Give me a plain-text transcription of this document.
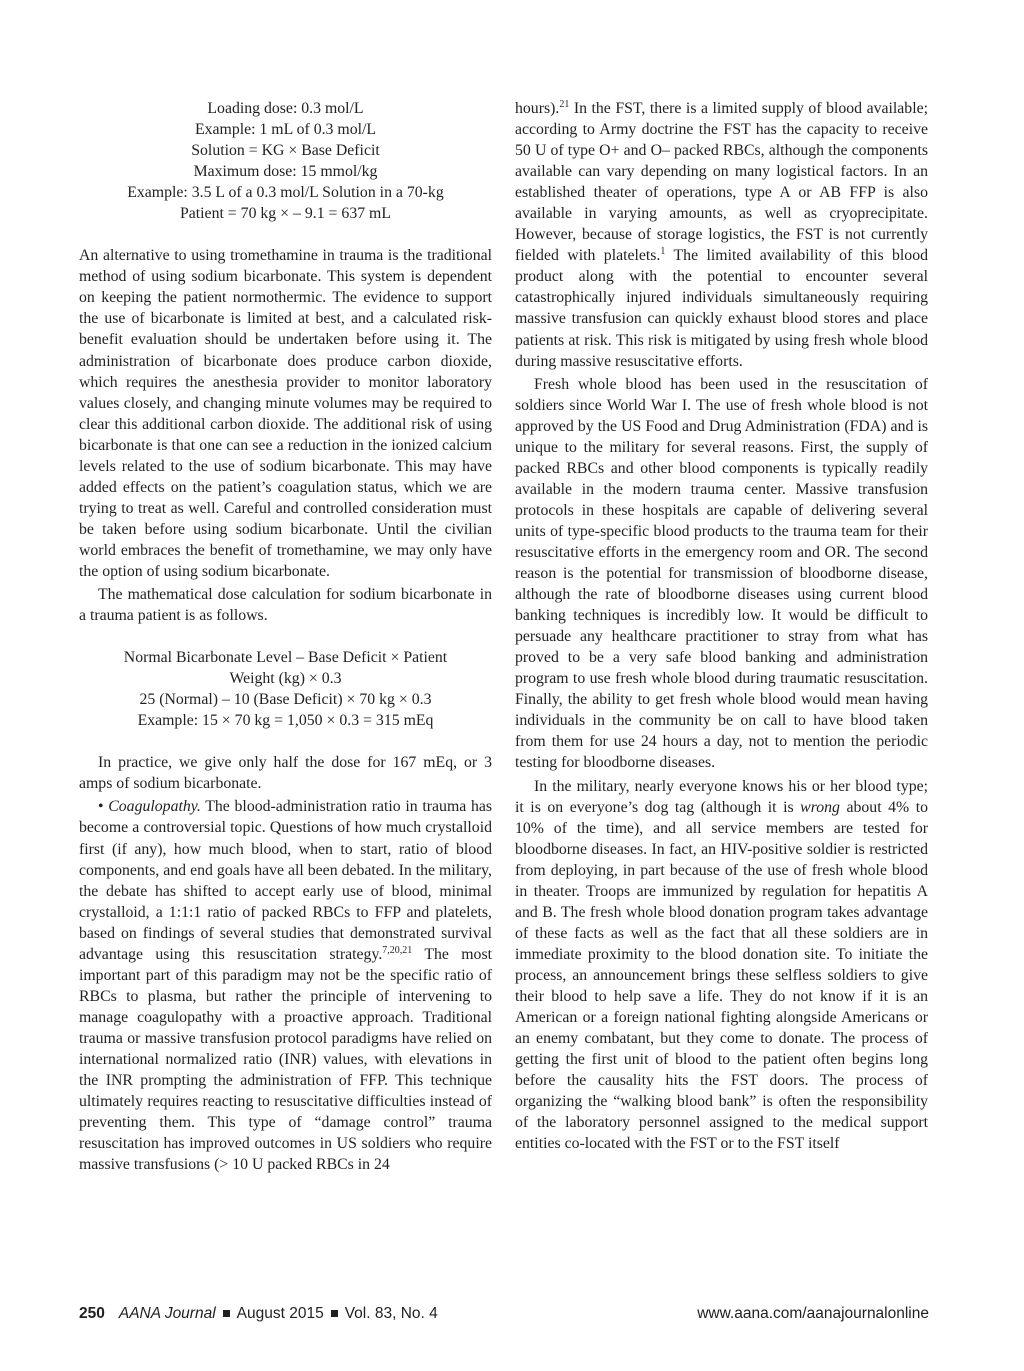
Loading dose: 0.3 mol/L
Example: 1 mL of 0.3 mol/L
Solution = KG × Base Deficit
Maximum dose: 15 mmol/kg
Example: 3.5 L of a 0.3 mol/L Solution in a 70-kg
Patient = 70 kg × – 9.1 = 637 mL

An alternative to using tromethamine in trauma is the traditional method of using sodium bicarbonate. This system is dependent on keeping the patient normothermic. The evidence to support the use of bicarbonate is limited at best, and a calculated risk-benefit evaluation should be undertaken before using it. The administration of bicarbonate does produce carbon dioxide, which requires the anesthesia provider to monitor laboratory values closely, and changing minute volumes may be required to clear this additional carbon dioxide. The additional risk of using bicarbonate is that one can see a reduction in the ionized calcium levels related to the use of sodium bicarbonate. This may have added effects on the patient’s coagulation status, which we are trying to treat as well. Careful and controlled consideration must be taken before using sodium bicarbonate. Until the civilian world embraces the benefit of tromethamine, we may only have the option of using sodium bicarbonate.

The mathematical dose calculation for sodium bicarbonate in a trauma patient is as follows.

Normal Bicarbonate Level – Base Deficit × Patient
Weight (kg) × 0.3
25 (Normal) – 10 (Base Deficit) × 70 kg × 0.3
Example: 15 × 70 kg = 1,050 × 0.3 = 315 mEq

In practice, we give only half the dose for 167 mEq, or 3 amps of sodium bicarbonate.

• Coagulopathy. The blood-administration ratio in trauma has become a controversial topic. Questions of how much crystalloid first (if any), how much blood, when to start, ratio of blood components, and end goals have all been debated. In the military, the debate has shifted to accept early use of blood, minimal crystalloid, a 1:1:1 ratio of packed RBCs to FFP and platelets, based on findings of several studies that demonstrated survival advantage using this resuscitation strategy.$^{7,20,21}$ The most important part of this paradigm may not be the specific ratio of RBCs to plasma, but rather the principle of intervening to manage coagulopathy with a proactive approach. Traditional trauma or massive transfusion protocol paradigms have relied on international normalized ratio (INR) values, with elevations in the INR prompting the administration of FFP. This technique ultimately requires reacting to resuscitative difficulties instead of preventing them. This type of “damage control” trauma resuscitation has improved outcomes in US soldiers who require massive transfusions (> 10 U packed RBCs in 24

hours).$^{21}$ In the FST, there is a limited supply of blood available; according to Army doctrine the FST has the capacity to receive 50 U of type O+ and O– packed RBCs, although the components available can vary depending on many logistical factors. In an established theater of operations, type A or AB FFP is also available in varying amounts, as well as cryoprecipitate. However, because of storage logistics, the FST is not currently fielded with platelets.$^1$ The limited availability of this blood product along with the potential to encounter several catastrophically injured individuals simultaneously requiring massive transfusion can quickly exhaust blood stores and place patients at risk. This risk is mitigated by using fresh whole blood during massive resuscitative efforts.

Fresh whole blood has been used in the resuscitation of soldiers since World War I. The use of fresh whole blood is not approved by the US Food and Drug Administration (FDA) and is unique to the military for several reasons. First, the supply of packed RBCs and other blood components is typically readily available in the modern trauma center. Massive transfusion protocols in these hospitals are capable of delivering several units of type-specific blood products to the trauma team for their resuscitative efforts in the emergency room and OR. The second reason is the potential for transmission of bloodborne disease, although the rate of bloodborne diseases using current blood banking techniques is incredibly low. It would be difficult to persuade any healthcare practitioner to stray from what has proved to be a very safe blood banking and administration program to use fresh whole blood during traumatic resuscitation. Finally, the ability to get fresh whole blood would mean having individuals in the community be on call to have blood taken from them for use 24 hours a day, not to mention the periodic testing for bloodborne diseases.

In the military, nearly everyone knows his or her blood type; it is on everyone’s dog tag (although it is wrong about 4% to 10% of the time), and all service members are tested for bloodborne diseases. In fact, an HIV-positive soldier is restricted from deploying, in part because of the use of fresh whole blood in theater. Troops are immunized by regulation for hepatitis A and B. The fresh whole blood donation program takes advantage of these facts as well as the fact that all these soldiers are in immediate proximity to the blood donation site. To initiate the process, an announcement brings these selfless soldiers to give their blood to help save a life. They do not know if it is an American or a foreign national fighting alongside Americans or an enemy combatant, but they come to donate. The process of getting the first unit of blood to the patient often begins long before the causality hits the FST doors. The process of organizing the “walking blood bank” is often the responsibility of the laboratory personnel assigned to the medical support entities co-located with the FST or to the FST itself

250 AANA Journal August 2015 Vol. 83, No. 4	www.aana.com/aanajournalonline
